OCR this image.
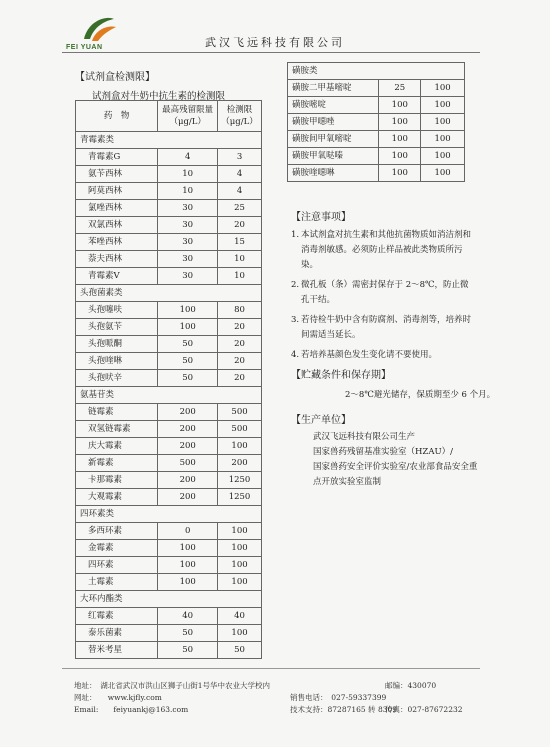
FEI YUAN	武汉飞远科技有限公司
【试剂盒检测限】
试剂盒对牛奶中抗生素的检测限
药　物	最高残留限量（μg/L）	检测限（μg/L）
青霉素类		
青霉素G	4	3
氨苄西林	10	4
阿莫西林	10	4
氯唑西林	30	25
双氯西林	30	20
苯唑西林	30	15
萘夫西林	30	10
青霉素V	30	10
头孢菌素类		
头孢噻呋	100	80
头孢氨苄	100	20
头孢哌酮	50	20
头孢喹啉	50	20
头孢吠辛	50	20
氨基苷类		
链霉素	200	500
双氢链霉素	200	500
庆大霉素	200	100
新霉素	500	200
卡那霉素	200	1250
大观霉素	200	1250
四环素类		
多西环素	0	100
金霉素	100	100
四环素	100	100
土霉素	100	100
大环内酯类		
红霉素	40	40
泰乐菌素	50	100
替米考星	50	50
磺胺类		
磺胺二甲基嘧啶	25	100
磺胺嘧啶	100	100
磺胺甲噁唑	100	100
磺胺间甲氧嘧啶	100	100
磺胺甲氧哒嗪	100	100
磺胺喹噁啉	100	100
【注意事项】
1. 本试剂盒对抗生素和其他抗菌物质如消洁剂和消毒剂敏感。必须防止样品被此类物质所污染。
2. 微孔板（条）需密封保存于 2～8℃，防止微孔干结。
3. 若待检牛奶中含有防腐剂、消毒剂等，培养时间需适当延长。
4. 若培养基颜色发生变化请不要使用。
【贮藏条件和保存期】
2～8℃避光储存，保质期至少 6 个月。
【生产单位】
武汉飞远科技有限公司生产
国家兽药残留基准实验室（HZAU）/
国家兽药安全评价实验室/农业部食品安全重点开放实验室监制
地址：　湖北省武汉市洪山区狮子山街1号华中农业大学校内	邮编：430070
网址：　　www.kjfly.com	销售电话：　027-59337399
Email:　　feiyuankj@163.com	技术支持：87287165 转 8309
传真：027-87672232
